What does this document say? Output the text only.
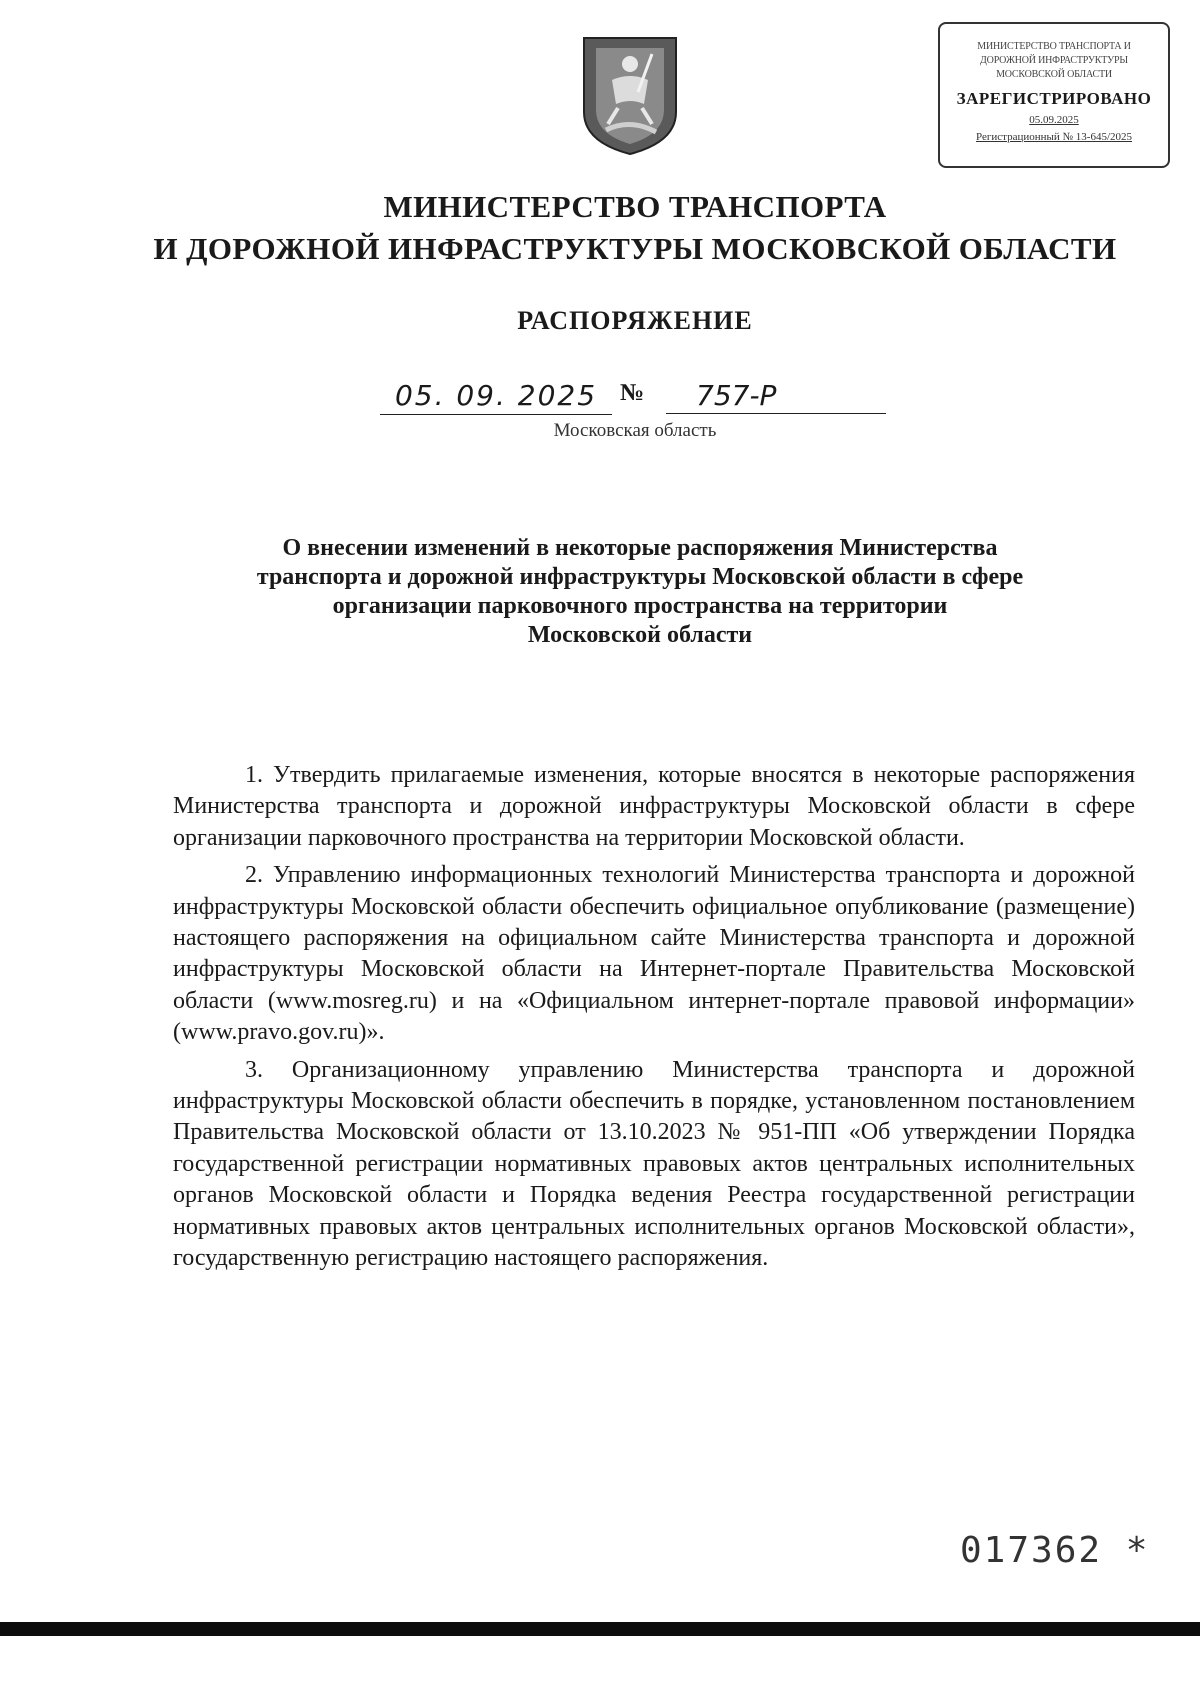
МИНИСТЕРСТВО ТРАНСПОРТА И
ДОРОЖНОЙ ИНФРАСТРУКТУРЫ
МОСКОВСКОЙ ОБЛАСТИ
ЗАРЕГИСТРИРОВАНО
05.09.2025
Регистрационный № 13-645/2025
МИНИСТЕРСТВО ТРАНСПОРТА
И ДОРОЖНОЙ ИНФРАСТРУКТУРЫ МОСКОВСКОЙ ОБЛАСТИ
РАСПОРЯЖЕНИЕ
05. 09. 2025 №	757-Р
Московская область
О внесении изменений в некоторые распоряжения Министерства
транспорта и дорожной инфраструктуры Московской области в сфере
организации парковочного пространства на территории
Московской области

1. Утвердить прилагаемые изменения, которые вносятся в некоторые распоряжения Министерства транспорта и дорожной инфраструктуры Московской области в сфере организации парковочного пространства на территории Московской области.

2. Управлению информационных технологий Министерства транспорта и дорожной инфраструктуры Московской области обеспечить официальное опубликование (размещение) настоящего распоряжения на официальном сайте Министерства транспорта и дорожной инфраструктуры Московской области на Интернет-портале Правительства Московской области (www.mosreg.ru) и на «Официальном интернет-портале правовой информации» (www.pravo.gov.ru)».

3. Организационному управлению Министерства транспорта и дорожной инфраструктуры Московской области обеспечить в порядке, установленном постановлением Правительства Московской области от 13.10.2023 № 951-ПП «Об утверждении Порядка государственной регистрации нормативных правовых актов центральных исполнительных органов Московской области и Порядка ведения Реестра государственной регистрации нормативных правовых актов центральных исполнительных органов Московской области», государственную регистрацию настоящего распоряжения.

017362 *
